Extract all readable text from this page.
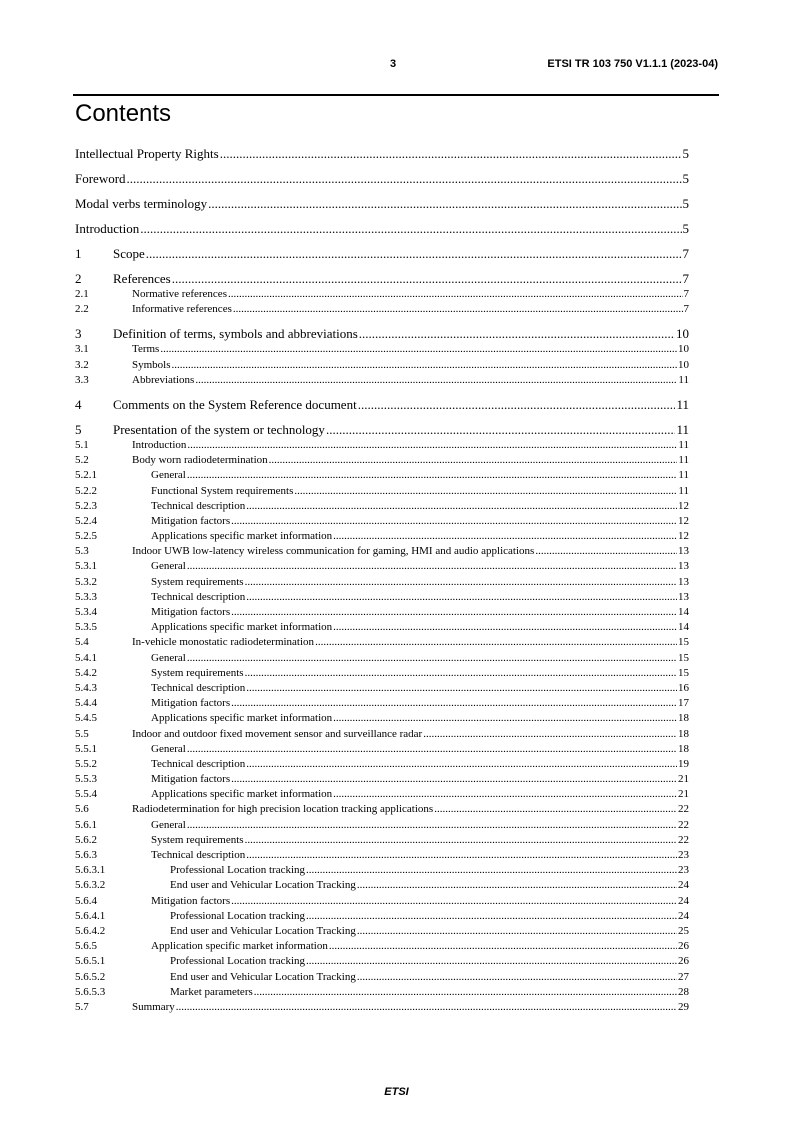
3	ETSI TR 103 750 V1.1.1 (2023-04)
Contents
Intellectual Property Rights .....	5
Foreword .....	5
Modal verbs terminology .....	5
Introduction .....	5
1	Scope .....	7
2	References .....	7
2.1	Normative references .....	7
2.2	Informative references .....	7
3	Definition of terms, symbols and abbreviations .....	10
3.1	Terms .....	10
3.2	Symbols .....	10
3.3	Abbreviations .....	11
4	Comments on the System Reference document .....	11
5	Presentation of the system or technology .....	11
5.1	Introduction .....	11
5.2	Body worn radiodetermination .....	11
5.2.1	General .....	11
5.2.2	Functional System requirements .....	11
5.2.3	Technical description .....	12
5.2.4	Mitigation factors .....	12
5.2.5	Applications specific market information .....	12
5.3	Indoor UWB low-latency wireless communication for gaming, HMI and audio applications .....	13
5.3.1	General .....	13
5.3.2	System requirements .....	13
5.3.3	Technical description .....	13
5.3.4	Mitigation factors .....	14
5.3.5	Applications specific market information .....	14
5.4	In-vehicle monostatic radiodetermination .....	15
5.4.1	General .....	15
5.4.2	System requirements .....	15
5.4.3	Technical description .....	16
5.4.4	Mitigation factors .....	17
5.4.5	Applications specific market information .....	18
5.5	Indoor and outdoor fixed movement sensor and surveillance radar .....	18
5.5.1	General .....	18
5.5.2	Technical description .....	19
5.5.3	Mitigation factors .....	21
5.5.4	Applications specific market information .....	21
5.6	Radiodetermination for high precision location tracking applications .....	22
5.6.1	General .....	22
5.6.2	System requirements .....	22
5.6.3	Technical description .....	23
5.6.3.1	Professional Location tracking .....	23
5.6.3.2	End user and Vehicular Location Tracking .....	24
5.6.4	Mitigation factors .....	24
5.6.4.1	Professional Location tracking .....	24
5.6.4.2	End user and Vehicular Location Tracking .....	25
5.6.5	Application specific market information .....	26
5.6.5.1	Professional Location tracking .....	26
5.6.5.2	End user and Vehicular Location Tracking .....	27
5.6.5.3	Market parameters .....	28
5.7	Summary .....	29
ETSI
